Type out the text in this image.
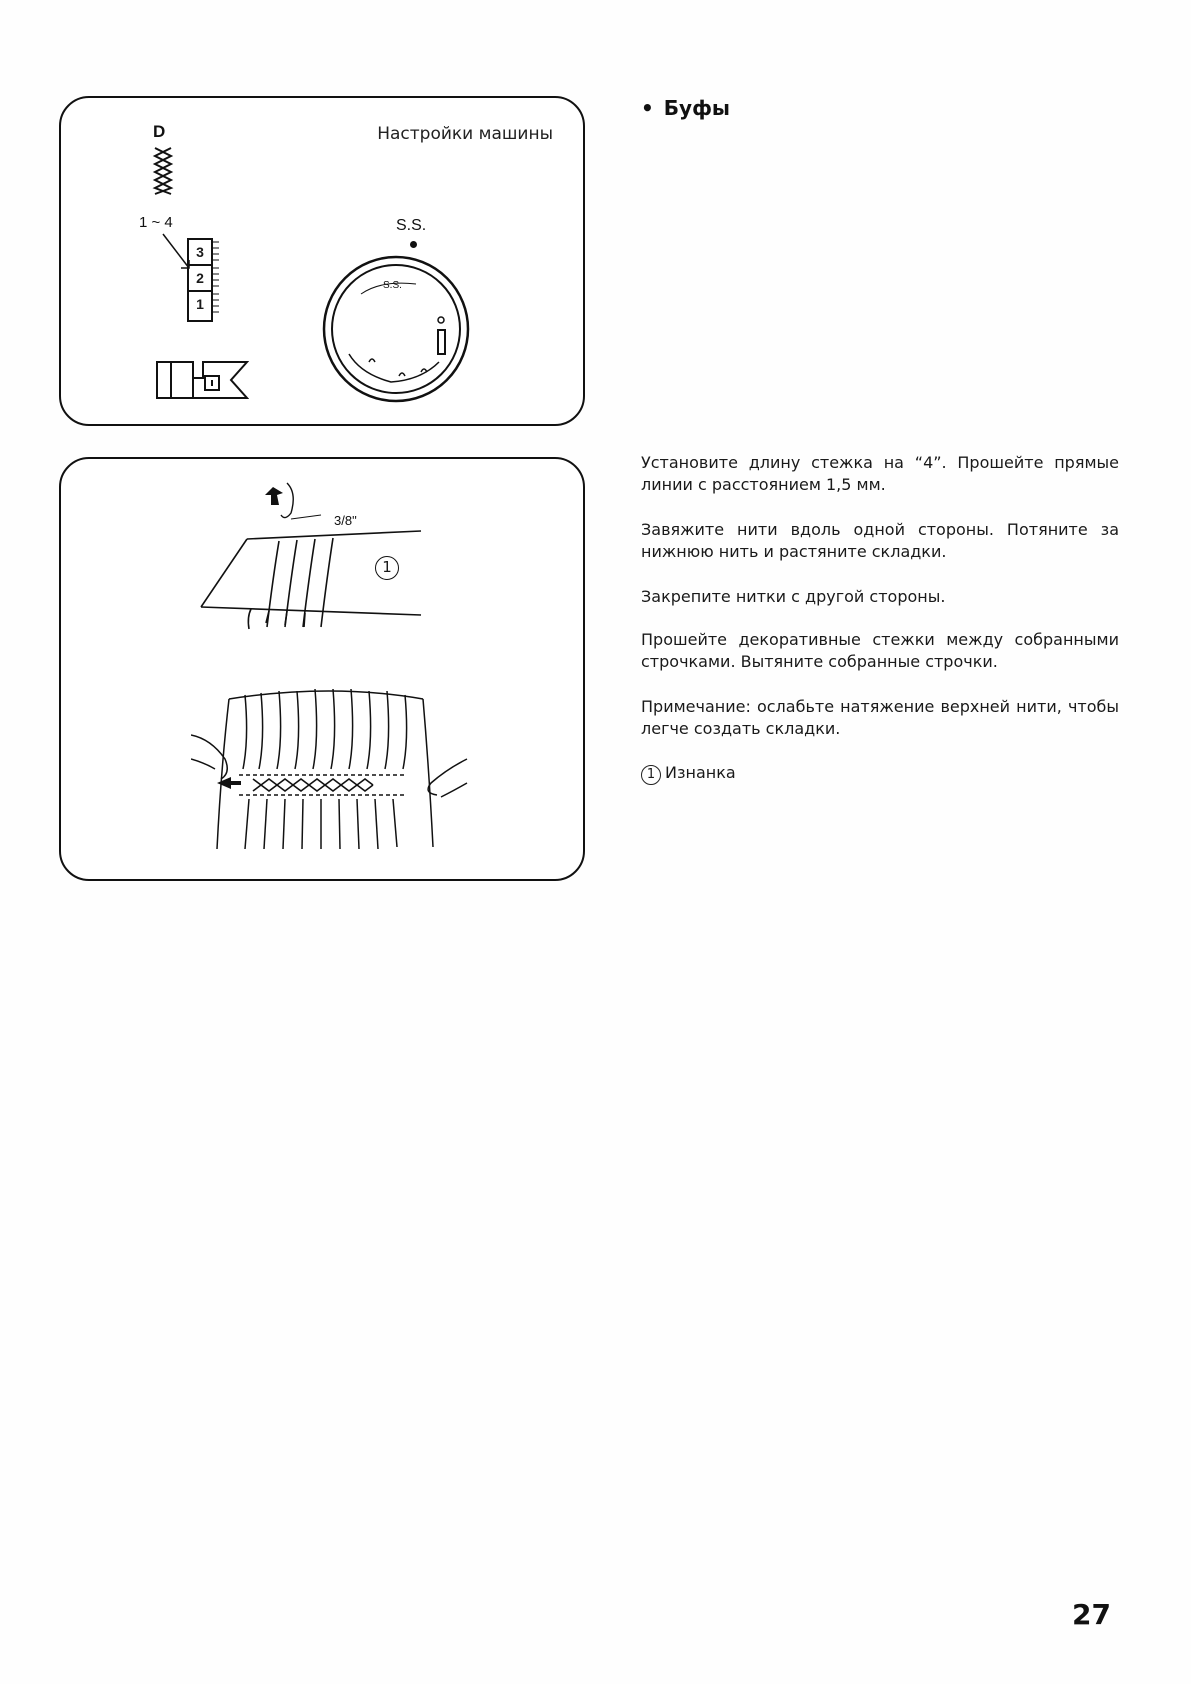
Настройки машины
D
1 ~ 4
3
2
1
S.S.
S.S.
3/8"
1
• Буфы

Установите длину стежка на “4”. Прошейте прямые линии с расстоянием 1,5 мм.

Завяжите нити вдоль одной стороны. Потяните за нижнюю нить и растяните складки.

Закрепите нитки с другой стороны.

Прошейте декоративные стежки между собранными строчками. Вытяните собранные строчки.

Примечание: ослабьте натяжение верхней нити, чтобы легче создать складки.

1 Изнанка
27
